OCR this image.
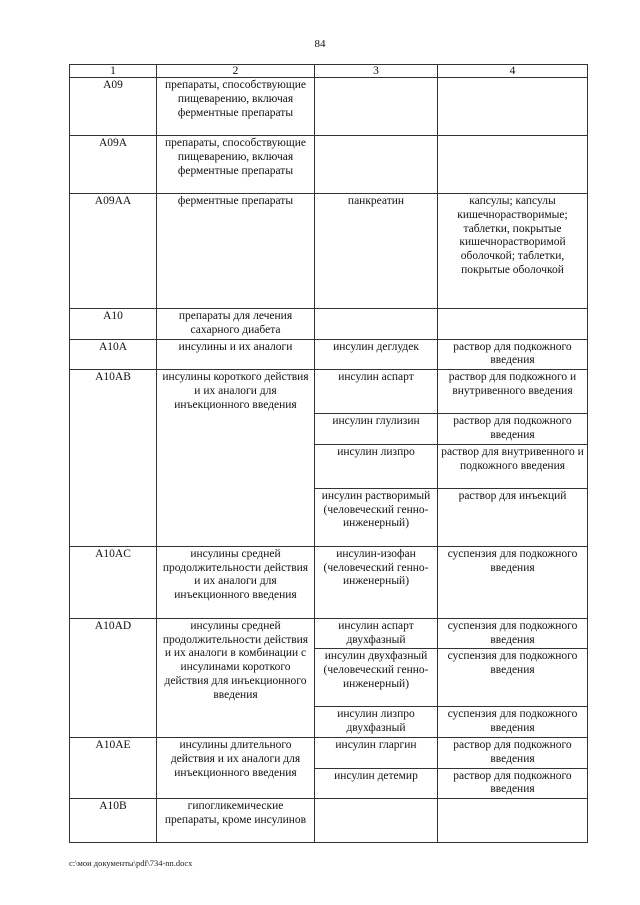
84
1	2	3	4
A09	препараты, способствующие пищеварению, включая ферментные препараты		
A09A	препараты, способствующие пищеварению, включая ферментные препараты		
A09AA	ферментные препараты	панкреатин	капсулы; капсулы кишечнорастворимые; таблетки, покрытые кишечнорастворимой оболочкой; таблетки, покрытые оболочкой
A10	препараты для лечения сахарного диабета		
A10A	инсулины и их аналоги	инсулин деглудек	раствор для подкожного введения
A10AB	инсулины короткого действия и их аналоги для инъекционного введения	инсулин аспарт	раствор для подкожного и внутривенного введения
		инсулин глулизин	раствор для подкожного введения
		инсулин лизпро	раствор для внутривенного и подкожного введения
		инсулин растворимый (человеческий генно-инженерный)	раствор для инъекций
A10AC	инсулины средней продолжительности действия и их аналоги для инъекционного введения	инсулин-изофан (человеческий генно-инженерный)	суспензия для подкожного введения
A10AD	инсулины средней продолжительности действия и их аналоги в комбинации с инсулинами короткого действия для инъекционного введения	инсулин аспарт двухфазный	суспензия для подкожного введения
		инсулин двухфазный (человеческий генно-инженерный)	суспензия для подкожного введения
		инсулин лизпро двухфазный	суспензия для подкожного введения
A10AE	инсулины длительного действия и их аналоги для инъекционного введения	инсулин гларгин	раствор для подкожного введения
		инсулин детемир	раствор для подкожного введения
A10B	гипогликемические препараты, кроме инсулинов		
c:\мои документы\pdf\734-nn.docx
